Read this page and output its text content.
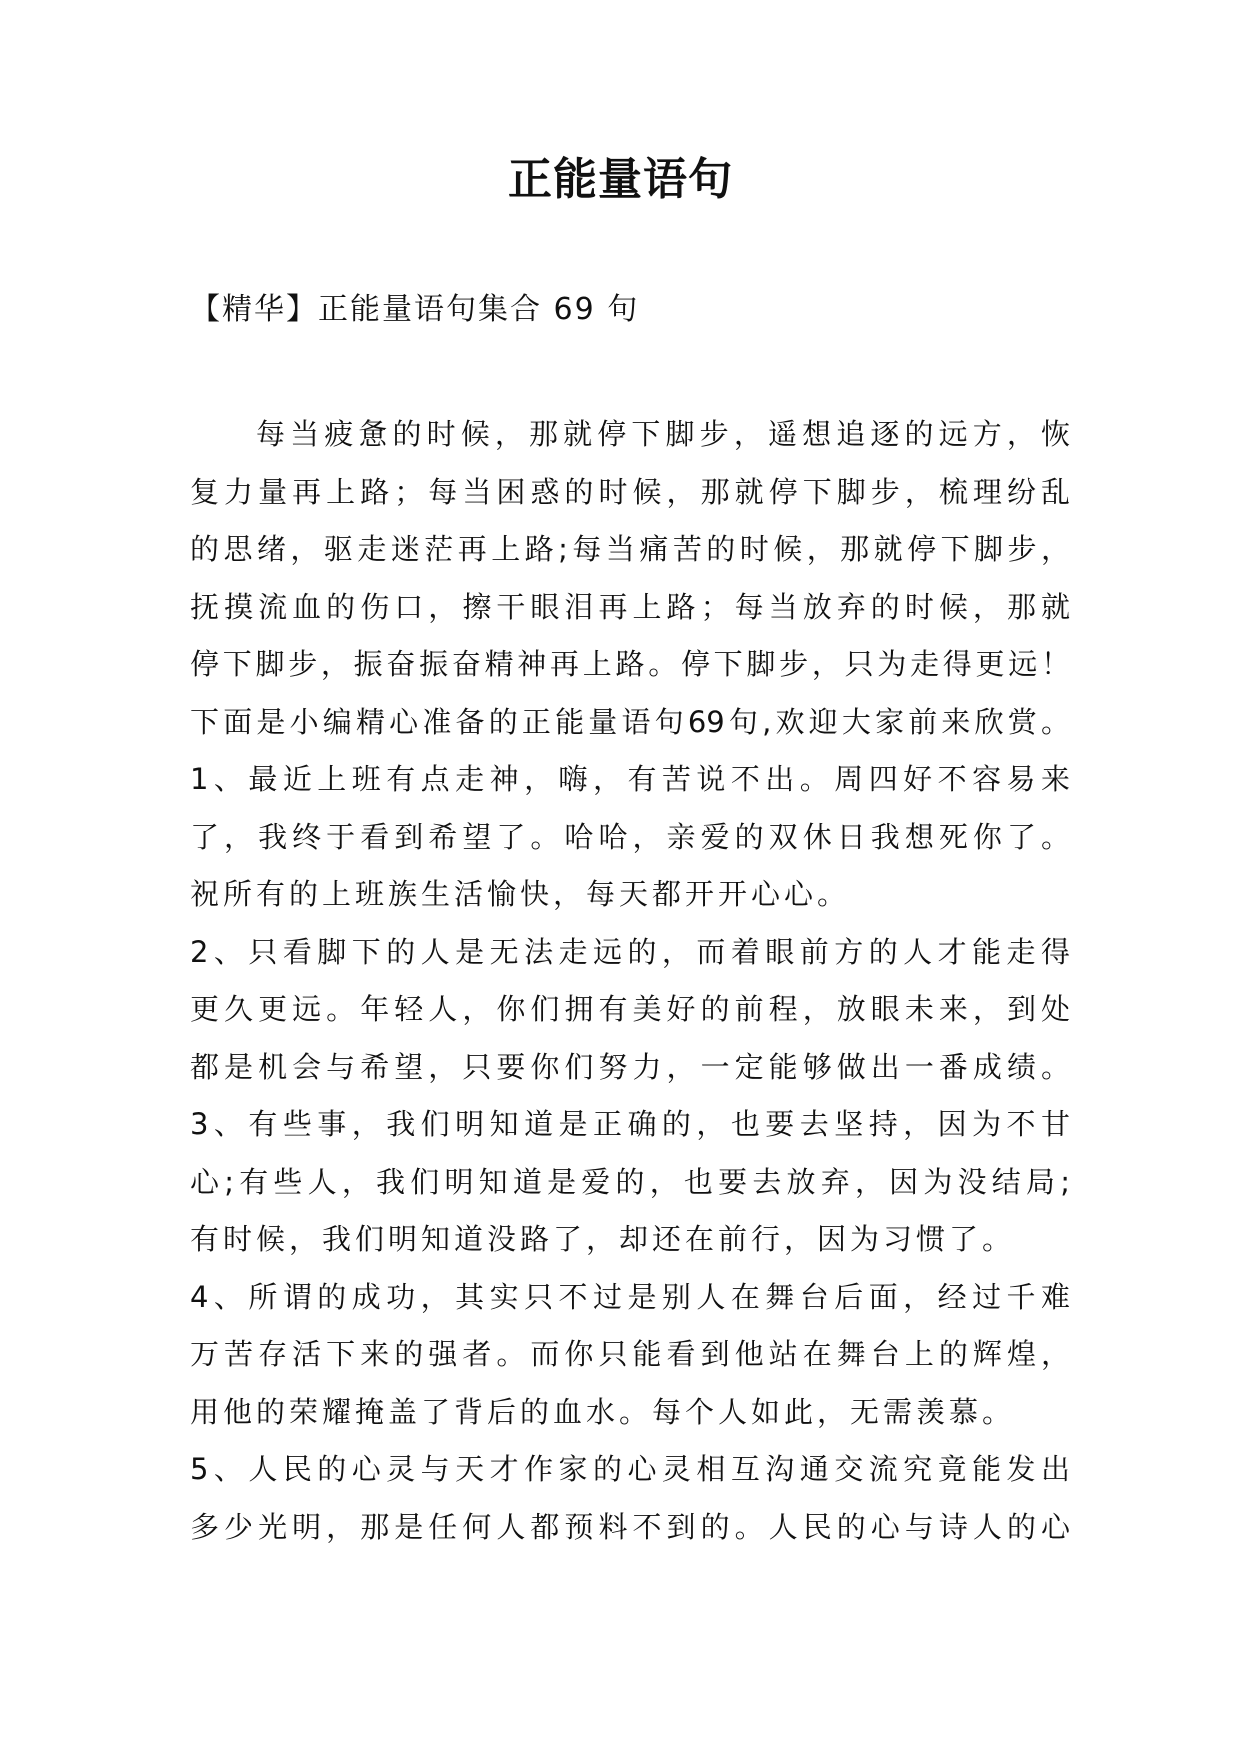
正能量语句

【精华】正能量语句集合 69 句

每当疲惫的时候，那就停下脚步，遥想追逐的远方，恢
复力量再上路；每当困惑的时候，那就停下脚步，梳理纷乱
的思绪，驱走迷茫再上路;每当痛苦的时候，那就停下脚步，
抚摸流血的伤口，擦干眼泪再上路；每当放弃的时候，那就
停下脚步，振奋振奋精神再上路。停下脚步，只为走得更远！
下面是小编精心准备的正能量语句69句,欢迎大家前来欣赏。
1、最近上班有点走神，嗨，有苦说不出。周四好不容易来
了，我终于看到希望了。哈哈，亲爱的双休日我想死你了。
祝所有的上班族生活愉快，每天都开开心心。
2、只看脚下的人是无法走远的，而着眼前方的人才能走得
更久更远。年轻人，你们拥有美好的前程，放眼未来，到处
都是机会与希望，只要你们努力，一定能够做出一番成绩。
3、有些事，我们明知道是正确的，也要去坚持，因为不甘
心;有些人，我们明知道是爱的，也要去放弃，因为没结局;
有时候，我们明知道没路了，却还在前行，因为习惯了。
4、所谓的成功，其实只不过是别人在舞台后面，经过千难
万苦存活下来的强者。而你只能看到他站在舞台上的辉煌，
用他的荣耀掩盖了背后的血水。每个人如此，无需羡慕。
5、人民的心灵与天才作家的心灵相互沟通交流究竟能发出
多少光明，那是任何人都预料不到的。人民的心与诗人的心
